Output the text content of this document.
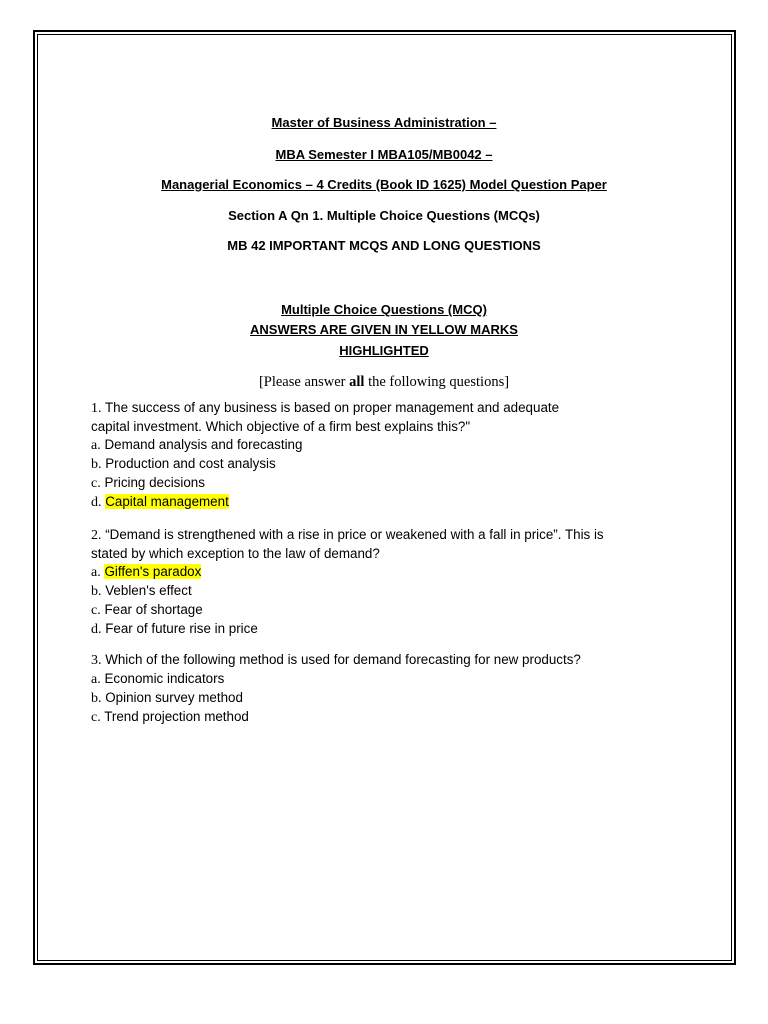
Master of Business Administration –
MBA Semester I MBA105/MB0042 –
Managerial Economics – 4 Credits (Book ID 1625) Model Question Paper
Section A Qn 1. Multiple Choice Questions (MCQs)
MB 42 IMPORTANT MCQS AND LONG QUESTIONS
Multiple Choice Questions (MCQ)
ANSWERS ARE GIVEN IN YELLOW MARKS
HIGHLIGHTED
[Please answer all the following questions]
1. The success of any business is based on proper management and adequate
capital investment. Which objective of a firm best explains this?"
a. Demand analysis and forecasting
b. Production and cost analysis
c. Pricing decisions
d. Capital management
2. “Demand is strengthened with a rise in price or weakened with a fall in price”. This is
stated by which exception to the law of demand?
a. Giffen's paradox
b. Veblen's effect
c. Fear of shortage
d. Fear of future rise in price
3. Which of the following method is used for demand forecasting for new products?
a. Economic indicators
b. Opinion survey method
c. Trend projection method
